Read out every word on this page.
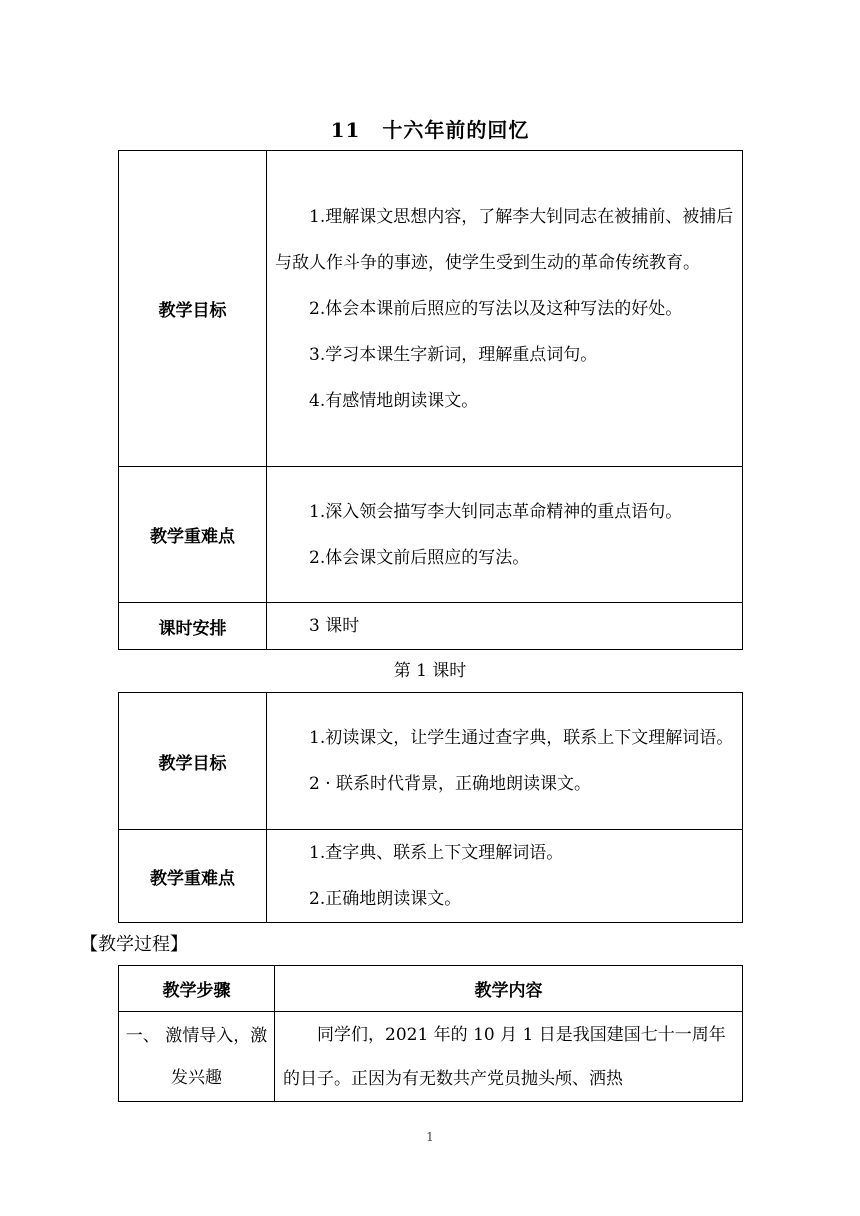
11 十六年前的回忆
教学目标	1.理解课文思想内容，了解李大钊同志在被捕前、被捕后与敌人作斗争的事迹，使学生受到生动的革命传统教育。

2.体会本课前后照应的写法以及这种写法的好处。

3.学习本课生字新词，理解重点词句。

4.有感情地朗读课文。

教学重难点	1.深入领会描写李大钊同志革命精神的重点语句。

2.体会课文前后照应的写法。

课时安排	3 课时

第 1 课时
教学目标	1.初读课文，让学生通过查字典，联系上下文理解词语。

2 · 联系时代背景，正确地朗读课文。

教学重难点	1.查字典、联系上下文理解词语。

2.正确地朗读课文。

【教学过程】
教学步骤	教学内容
一、 激情导入，激发兴趣	同学们，2021 年的 10 月 1 日是我国建国七十一周年的日子。正因为有无数共产党员抛头颅、洒热

1
